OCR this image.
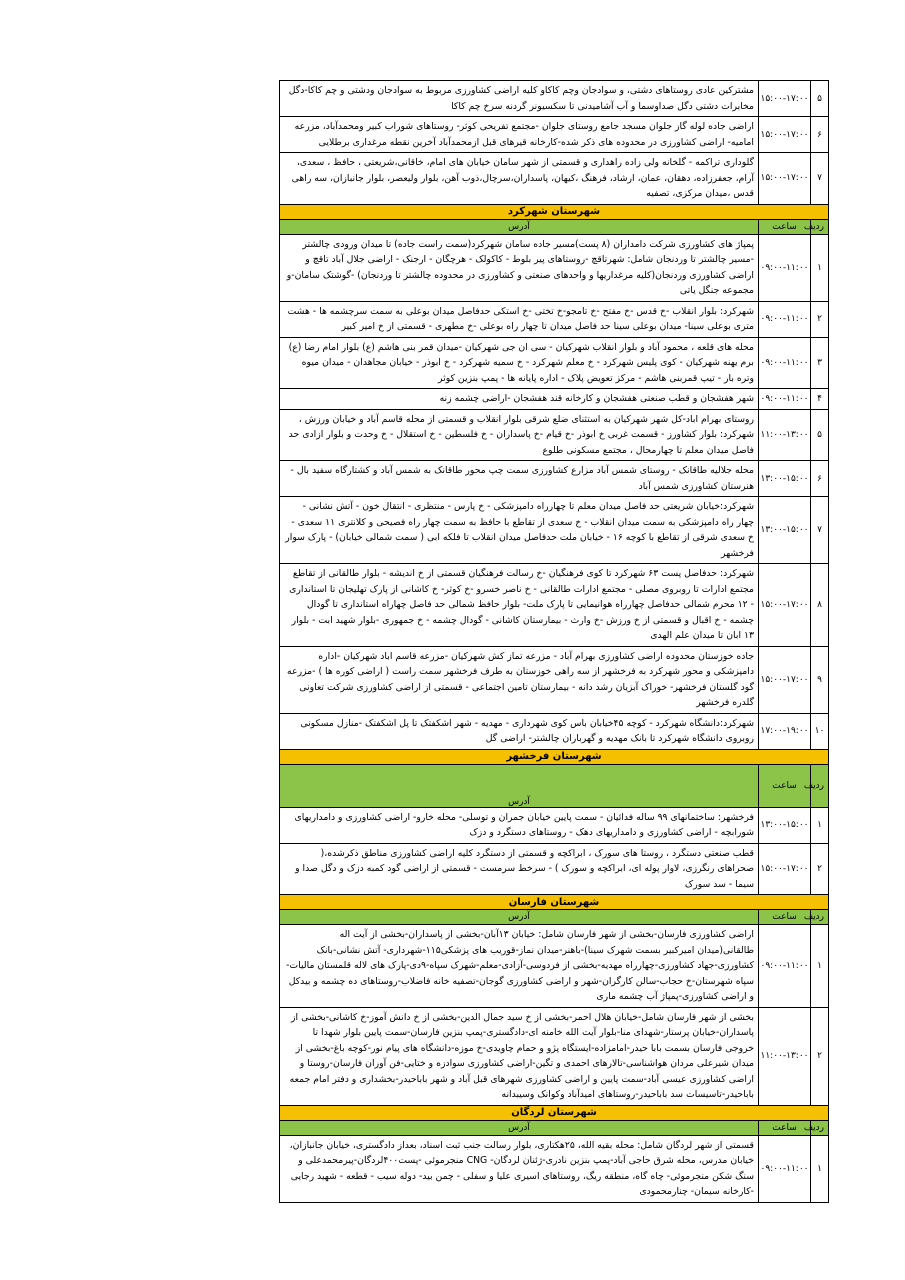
۵	۱۵:۰۰-۱۷:۰۰	مشترکین عادی روستاهای دشتی، و سوادجان وچم کاکاو کلیه اراضی کشاورزی مربوط به سوادجان ودشتی و چم کاکا-دگل مخابرات دشتی دگل صداوسما و آب آشامیدنی تا سکسیونر گردنه سرخ چم کاکا
۶	۱۵:۰۰-۱۷:۰۰	اراضی جاده لوله گاز جلوان مسجد جامع روستای جلوان -مجتمع تفریحی کوثر- روستاهای شوراب کبیر ومحمدآباد، مزرعه امامیه- اراضی کشاورزی در محدوده های ذکر شده-کارخانه قیرهای قبل ازمحمدآباد آخرین نقطه مرغداری برطلایی
۷	۱۵:۰۰-۱۷:۰۰	گلوداری تراکمه - گلخانه ولی زاده راهداری و قسمتی از شهر سامان خیابان های امام، خاقانی،شریعتی ، حافظ ، سعدی، آرام، جعفرزاده، دهقان، عمان، ارشاد، فرهنگ ،کیهان، پاسداران،سرچال،ذوب آهن، بلوار ولیعصر، بلوار جانبازان، سه راهی قدس ،میدان مرکزی، تصفیه
شهرستان شهرکرد		
ردیف	ساعت	آدرس
۱	۰۹:۰۰-۱۱:۰۰	پمپاژ های کشاورزی شرکت دامداران (۸ پست)مسیر جاده سامان شهرکرد(سمت راست جاده) تا میدان ورودی چالشتر -مسیر چالشتر تا وردنجان شامل: شهرتاقچ -روستاهای پیر بلوط - کاکولک - هرچگان - ارجنک - اراضی جلال آباد تاقچ و اراضی کشاورزی وردنجان(کلیه مرغداریها و واحدهای صنعتی و کشاورزی در محدوده چالشتر تا وردنجان) -گوشتک سامان-و مجموعه جنگل یاتی
۲	۰۹:۰۰-۱۱:۰۰	شهرکرد: بلوار انقلاب -خ قدس -خ مفتح -خ تامجو-خ تختی -خ استکی حدفاصل میدان بوعلی به سمت سرچشمه ها - هشت متری بوعلی سینا- میدان بوعلی سینا حد فاصل میدان تا چهار راه بوعلی -خ مطهری - قسمتی از خ امیر کبیر
۳	۰۹:۰۰-۱۱:۰۰	محله های قلعه ، محمود آباد و بلوار انقلاب شهرکیان - سی ان جی شهرکیان -میدان قمر بنی هاشم (ع) بلوار امام رضا (ع) برم یهنه شهرکیان - کوی پلیس شهرکرد - خ معلم شهرکرد - خ سمیه شهرکرد - خ ابوذر - خیابان مجاهدان - میدان میوه وتره بار - تیپ قمربنی هاشم - مرکز تعویض پلاک - اداره پایانه ها - پمپ بنزین کوثر
۴	۰۹:۰۰-۱۱:۰۰	شهر هفشجان و قطب صنعتی هفشجان و کارخانه قند هفشجان -اراضی چشمه زنه
۵	۱۱:۰۰-۱۳:۰۰	روستای بهرام اباد-کل شهر شهرکیان به استثنای ضلع شرقی بلوار انقلاب و قسمتی از محله قاسم آباد و خیابان ورزش ، شهرکرد: بلوار کشاورز - قسمت غربی خ ابوذر -خ قیام -خ پاسداران - خ فلسطین - خ استقلال - خ وحدت و بلوار ازادی حد فاصل میدان معلم تا چهارمحال ، مجتمع مسکونی طلوع
۶	۱۳:۰۰-۱۵:۰۰	محله جلالیه طاقانک - روستای شمس آباد مزارع کشاورزی سمت چپ محور طاقانک به شمس آباد و کشتارگاه سفید بال - هنرستان کشاورزی شمس آباد
۷	۱۳:۰۰-۱۵:۰۰	شهرکرد:خیابان شریعتی حد فاصل میدان معلم تا چهارراه دامپزشکی - خ پارس - منتظری - انتقال خون - آتش نشانی - چهار راه دامپزشکی به سمت میدان انقلاب - خ سعدی از تقاطع با حافظ به سمت چهار راه فصیحی و کلانتری ۱۱ سعدی - خ سعدی شرقی از تقاطع با کوچه ۱۶ - خیابان ملت حدفاصل میدان انقلاب تا فلکه ابی ( سمت شمالی خیابان) - پارک سوار فرخشهر
۸	۱۵:۰۰-۱۷:۰۰	شهرکرد: حدفاصل پست ۶۳ شهرکرد تا کوی فرهنگیان -خ رسالت فرهنگیان قسمتی از خ اندیشه - بلوار طالقانی از تقاطع مجتمع ادارات تا روبروی مصلی - مجتمع ادارات طالقانی - خ ناصر خسرو -خ کوثر- خ کاشانی از پارک تهلیجان تا استانداری - ۱۲ محرم شمالی حدفاصل چهارراه هوانیمایی تا پارک ملت- بلوار حافظ شمالی حد فاصل چهاراه استانداری تا گودال چشمه - خ اقبال و قسمتی از خ ورزش -خ وارث - بیمارستان کاشانی - گودال چشمه - خ جمهوری -بلوار شهید ابت - بلوار ۱۳ ابان تا میدان علم الهدی
۹	۱۵:۰۰-۱۷:۰۰	جاده خوزستان محدوده اراضی کشاورزی بهرام آباد - مزرعه تماز کش شهرکیان -مزرعه قاسم اباد شهرکیان -اداره دامپزشکی و محور شهرکرد به فرخشهر از سه راهی خوزستان به طرف فرخشهر سمت راست ( اراضی کوره ها ) -مزرعه گود گلستان فرخشهر- خوراک آبزیان رشد دانه - بیمارستان تامین اجتماعی - قسمتی از اراضی کشاورزی شرکت تعاونی گلدره فرخشهر
۱۰	۱۷:۰۰-۱۹:۰۰	شهرکرد:دانشگاه شهرکرد - کوچه ۴۵خیابان باس کوی شهرداری - مهدیه - شهر اشکفتک تا پل اشکفتک -منازل مسکونی روبروی دانشگاه شهرکرد تا بانک مهدیه و گهرباران چالشتر- اراضی گل
شهرستان فرخشهر		
ردیف	ساعت	آدرس
۱	۱۳:۰۰-۱۵:۰۰	فرخشهر: ساختمانهای ۹۹ ساله فدائیان - سمت پایین خیابان جمران و توسلی- محله خارو- اراضی کشاورزی و دامداریهای شورابچه - اراضی کشاورزی و دامداریهای دهک - روستاهای دستگرد و دزک
۲	۱۵:۰۰-۱۷:۰۰	قطب صنعتی دستگرد ، روستا های سورک ، ابراکچه و قسمتی از دستگرد کلیه اراضی کشاورزی مناطق ذکرشده،( صحراهای رنگرزی، لاوار پوله ای، ابراکچه و سورک ) - سرخط سرمست - قسمتی از اراضی گود کمبه دزک و دگل صدا و سیما - سد سورک
شهرستان فارسان		
ردیف	ساعت	آدرس
۱	۰۹:۰۰-۱۱:۰۰	اراضی کشاورزی فارسان-بخشی از شهر فارسان شامل: خیابان ۱۳آبان-بخشی از پاسداران-بخشی از آیت اله طالقانی(میدان امیرکبیر بسمت شهرک سینا)-باهنر-میدان نماز-قوریب های پزشکی۱۱۵-شهرداری- آتش نشانی-بانک کشاورزی-جهاد کشاورزی-چهارراه مهدیه-بخشی از فردوسی-آزادی-معلم-شهرک سپاه-۹دی-پارک های لاله قلمستان مالیات-سپاه شهرستان-خ حجاب-سالن کارگران-شهر و اراضی کشاورزی گوجان-تصفیه خانه فاضلاب-روستاهای ده چشمه و بیدکل و اراضی کشاورزی-پمپاژ آب چشمه ماری
۲	۱۱:۰۰-۱۳:۰۰	بخشی از شهر فارسان شامل-خیابان هلال احمر-بخشی از خ سید جمال الدین-بخشی از خ دانش آموز-خ کاشانی-بخشی از پاسداران-خیابان پرستار-شهدای منا-بلوار آیت الله خامنه ای-دادگستری-پمپ بنزین فارسان-سمت پایین بلوار شهدا تا خروجی فارسان بسمت بابا حیدر-امامزاده-ایستگاه پژو و حمام چاویدی-خ موزه-دانشگاه های پیام نور-کوچه باغ-بخشی از میدان شیرعلی مردان هواشناسی-تالارهای احمدی و تگین-اراضی کشاورزی سوادزه و ختایی-فن آوران فارسان-روستا و اراضی کشاورزی عیسی آباد-سمت پایین و اراضی کشاورزی شهرهای قبل آباد و شهر باباحیدر-بخشداری و دفتر امام جمعه باباحیدر-تاسیسات سد باباحیدر-روستاهای امیدآباد وکوانک وسیبدانه
شهرستان لردگان		
ردیف	ساعت	آدرس
۱	۰۹:۰۰-۱۱:۰۰	قسمتی از شهر لردگان شامل: محله بقیه الله، ۲۵هکتاری، بلوار رسالت جنب ثبت اسناد، بعداز دادگستری، خیابان جانبازان، خیابان مدرس، محله شرق حاجی آباد-پمپ بنزین نادری-ژئنان لردگان- CNG منجرموئی -پست۴۰۰لردگان-پیرمحمدعلی و سنگ شکن منجرموئی- چاه گاه، منطقه ریگ، روستاهای اسیری علیا و سفلی - چمن بید- دوله سیب - قطعه - شهید رجایی -کارخانه سیمان- چنارمحمودی
